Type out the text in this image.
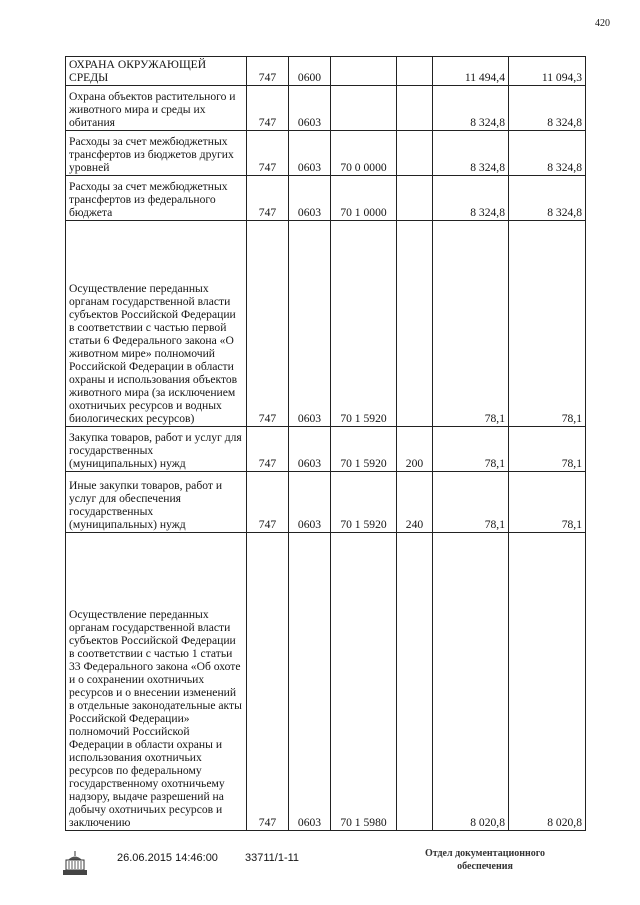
420
ОХРАНА ОКРУЖАЮЩЕЙ СРЕДЫ	747	0600			11 494,4	11 094,3
Охрана объектов растительного и животного мира и среды их обитания	747	0603			8 324,8	8 324,8
Расходы за счет межбюджетных трансфертов из бюджетов других уровней	747	0603	70 0 0000		8 324,8	8 324,8
Расходы за счет межбюджетных трансфертов из федерального бюджета	747	0603	70 1 0000		8 324,8	8 324,8
Осуществление переданных органам государственной власти субъектов Российской Федерации в соответствии с частью первой статьи 6 Федерального закона «О животном мире» полномочий Российской Федерации в области охраны и использования объектов животного мира (за исключением охотничьих ресурсов и водных биологических ресурсов)	747	0603	70 1 5920		78,1	78,1
Закупка товаров, работ и услуг для государственных (муниципальных) нужд	747	0603	70 1 5920	200	78,1	78,1
Иные закупки товаров, работ и услуг для обеспечения государственных (муниципальных) нужд	747	0603	70 1 5920	240	78,1	78,1
Осуществление переданных органам государственной власти субъектов Российской Федерации в соответствии с частью 1 статьи 33 Федерального закона «Об охоте и о сохранении охотничьих ресурсов и о внесении изменений в отдельные законодательные акты Российской Федерации» полномочий Российской Федерации в области охраны и использования охотничьих ресурсов по федеральному государственному охотничьему надзору, выдаче разрешений на добычу охотничьих ресурсов и заключению	747	0603	70 1 5980		8 020,8	8 020,8
26.06.2015 14:46:00 33711/1-11	Отдел документационного обеспечения
